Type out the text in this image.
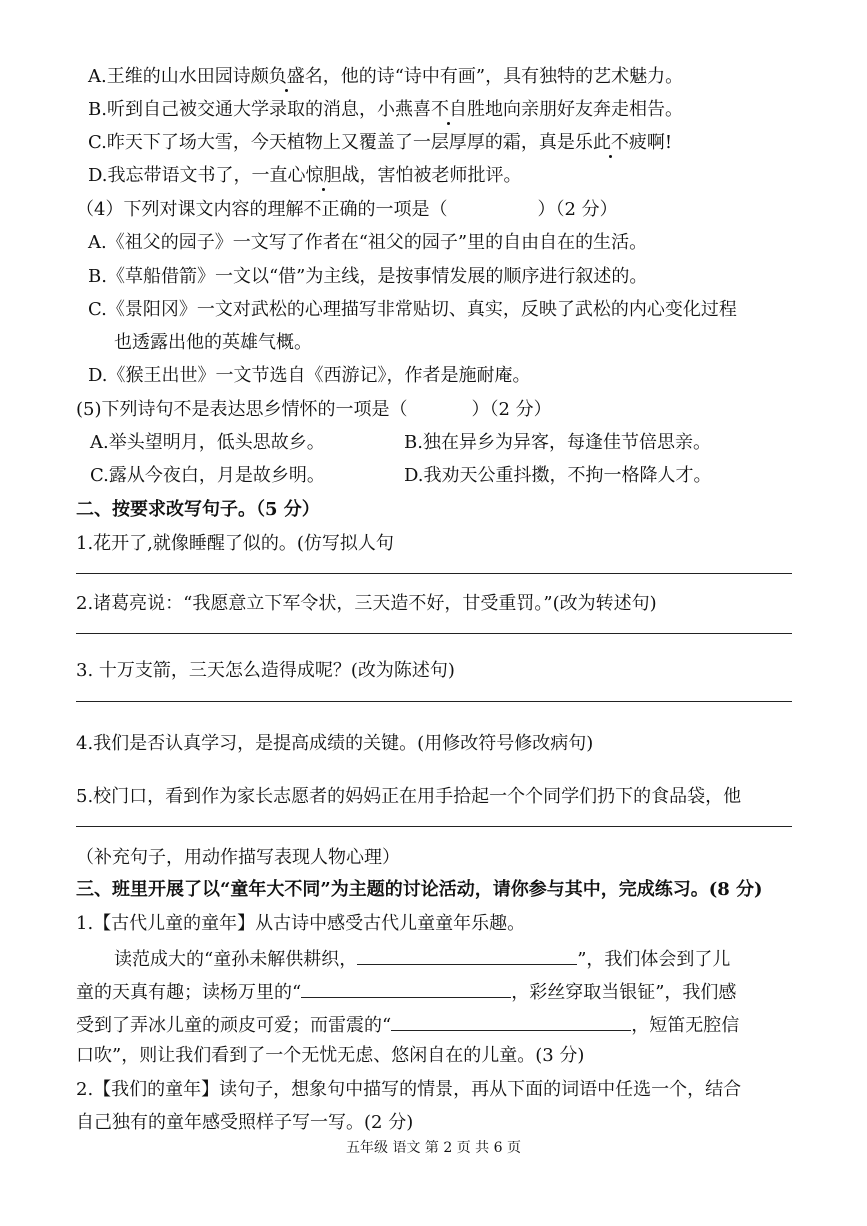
A.王维的山水田园诗颇负盛名，他的诗“诗中有画”，具有独特的艺术魅力。
B.听到自己被交通大学录取的消息，小燕喜不自胜地向亲朋好友奔走相告。
C.昨天下了场大雪，今天植物上又覆盖了一层厚厚的霜，真是乐此不疲啊!
D.我忘带语文书了，一直心惊胆战，害怕被老师批评。
（4）下列对课文内容的理解不正确的一项是（	）（2 分）
A.《祖父的园子》一文写了作者在“祖父的园子”里的自由自在的生活。
B.《草船借箭》一文以“借”为主线，是按事情发展的顺序进行叙述的。
C.《景阳冈》一文对武松的心理描写非常贴切、真实，反映了武松的内心变化过程
也透露出他的英雄气概。
D.《猴王出世》一文节选自《西游记》，作者是施耐庵。
(5)下列诗句不是表达思乡情怀的一项是（	）（2 分）
A.举头望明月，低头思故乡。	B.独在异乡为异客，每逢佳节倍思亲。
C.露从今夜白，月是故乡明。	D.我劝天公重抖擞，不拘一格降人才。
二、按要求改写句子。（5 分）
1.花开了,就像睡醒了似的。(仿写拟人句
2.诸葛亮说：“我愿意立下军令状，三天造不好，甘受重罚。”(改为转述句)
3. 十万支箭，三天怎么造得成呢？(改为陈述句)
4.我们是否认真学习，是提高成绩的关键。(用修改符号修改病句)
5.校门口，看到作为家长志愿者的妈妈正在用手拾起一个个同学们扔下的食品袋，他
（补充句子，用动作描写表现人物心理）
三、班里开展了以“童年大不同”为主题的讨论活动，请你参与其中，完成练习。(8 分)
1.【古代儿童的童年】从古诗中感受古代儿童童年乐趣。
读范成大的“童孙未解供耕织，	”，我们体会到了儿
童的天真有趣；读杨万里的“	，彩丝穿取当银钲”，我们感
受到了弄冰儿童的顽皮可爱；而雷震的“	，短笛无腔信
口吹”，则让我们看到了一个无忧无虑、悠闲自在的儿童。(3 分)
2.【我们的童年】读句子，想象句中描写的情景，再从下面的词语中任选一个，结合
自己独有的童年感受照样子写一写。(2 分)
五年级 语文 第 2 页 共 6 页
